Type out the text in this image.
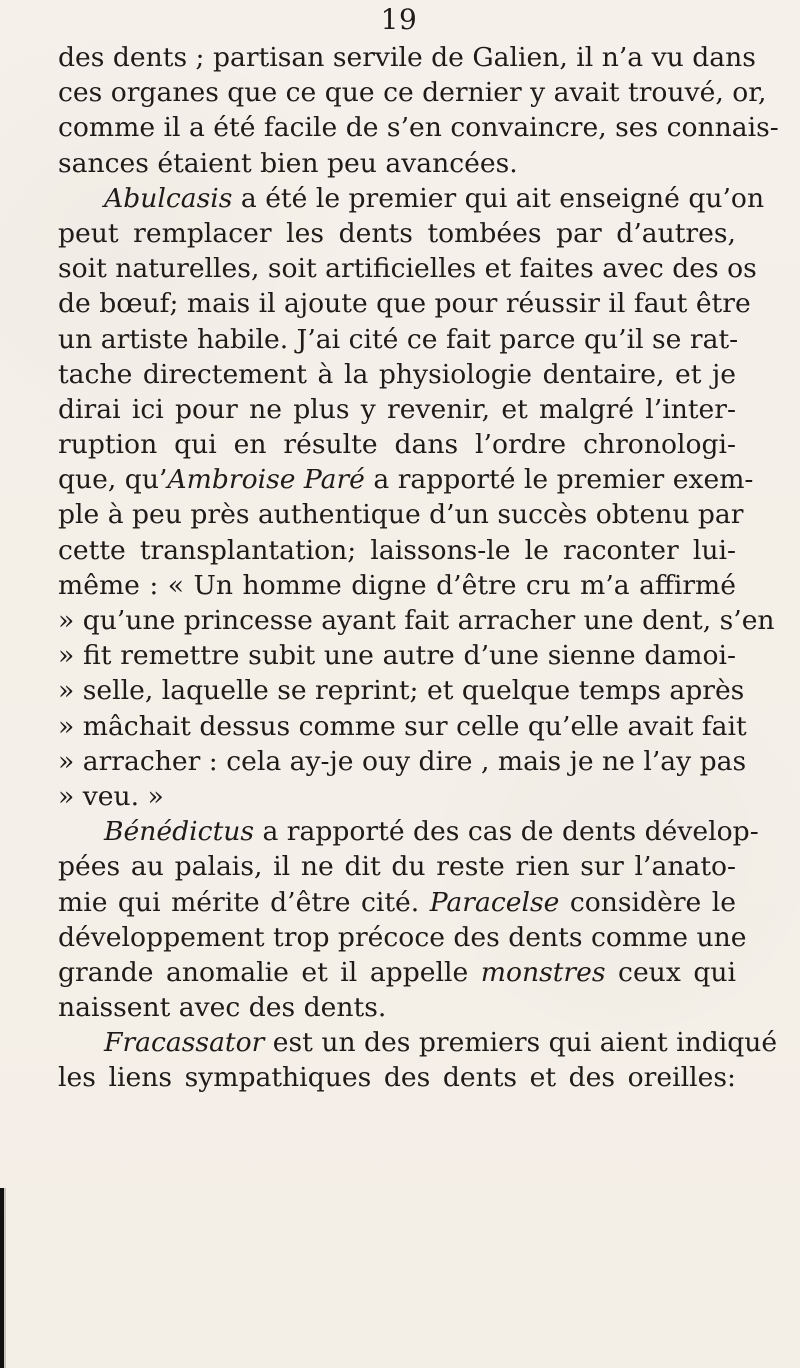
19
des dents ; partisan servile de Galien, il n’a vu dans
ces organes que ce que ce dernier y avait trouvé, or,
comme il a été facile de s’en convaincre, ses connais-
sances étaient bien peu avancées.
Abulcasis a été le premier qui ait enseigné qu’on
peut remplacer les dents tombées par d’autres,
soit naturelles, soit artificielles et faites avec des os
de bœuf; mais il ajoute que pour réussir il faut être
un artiste habile. J’ai cité ce fait parce qu’il se rat-
tache directement à la physiologie dentaire, et je
dirai ici pour ne plus y revenir, et malgré l’inter-
ruption qui en résulte dans l’ordre chronologi-
que, qu’Ambroise Paré a rapporté le premier exem-
ple à peu près authentique d’un succès obtenu par
cette transplantation; laissons-le le raconter lui-
même : « Un homme digne d’être cru m’a affirmé
» qu’une princesse ayant fait arracher une dent, s’en
» fit remettre subit une autre d’une sienne damoi-
» selle, laquelle se reprint; et quelque temps après
» mâchait dessus comme sur celle qu’elle avait fait
» arracher : cela ay-je ouy dire , mais je ne l’ay pas
» veu. »
Bénédictus a rapporté des cas de dents dévelop-
pées au palais, il ne dit du reste rien sur l’anato-
mie qui mérite d’être cité. Paracelse considère le
développement trop précoce des dents comme une
grande anomalie et il appelle monstres ceux qui
naissent avec des dents.
Fracassator est un des premiers qui aient indiqué
les liens sympathiques des dents et des oreilles:
